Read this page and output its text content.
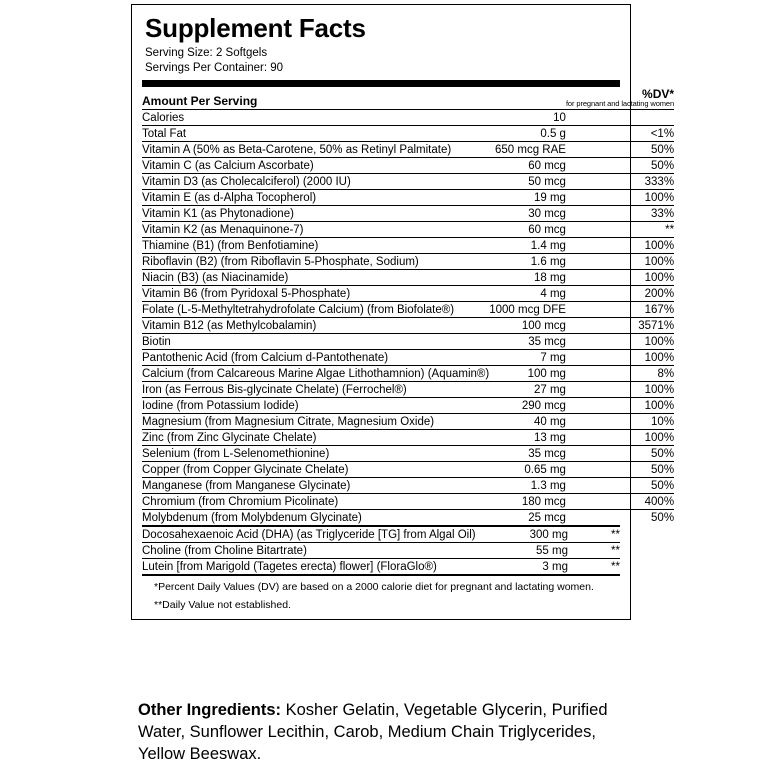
Supplement Facts
Serving Size: 2 Softgels
Servings Per Container: 90
Amount Per Serving		%DV*
for pregnant and lactating women

Calories	10	
Total Fat	0.5 g	<1%
Vitamin A (50% as Beta-Carotene, 50% as Retinyl Palmitate)	650 mcg RAE	50%
Vitamin C (as Calcium Ascorbate)	60 mcg	50%
Vitamin D3 (as Cholecalciferol) (2000 IU)	50 mcg	333%
Vitamin E (as d-Alpha Tocopherol)	19 mg	100%
Vitamin K1 (as Phytonadione)	30 mcg	33%
Vitamin K2 (as Menaquinone-7)	60 mcg	**
Thiamine (B1) (from Benfotiamine)	1.4 mg	100%
Riboflavin (B2) (from Riboflavin 5-Phosphate, Sodium)	1.6 mg	100%
Niacin (B3) (as Niacinamide)	18 mg	100%
Vitamin B6 (from Pyridoxal 5-Phosphate)	4 mg	200%
Folate (L-5-Methyltetrahydrofolate Calcium) (from Biofolate®)	1000 mcg DFE	167%
Vitamin B12 (as Methylcobalamin)	100 mcg	3571%
Biotin	35 mcg	100%
Pantothenic Acid (from Calcium d-Pantothenate)	7 mg	100%
Calcium (from Calcareous Marine Algae Lithothamnion) (Aquamin®)	100 mg	8%
Iron (as Ferrous Bis-glycinate Chelate) (Ferrochel®)	27 mg	100%
Iodine (from Potassium Iodide)	290 mcg	100%
Magnesium (from Magnesium Citrate, Magnesium Oxide)	40 mg	10%
Zinc (from Zinc Glycinate Chelate)	13 mg	100%
Selenium (from L-Selenomethionine)	35 mcg	50%
Copper (from Copper Glycinate Chelate)	0.65 mg	50%
Manganese (from Manganese Glycinate)	1.3 mg	50%
Chromium (from Chromium Picolinate)	180 mcg	400%
Molybdenum (from Molybdenum Glycinate)	25 mcg	50%
Docosahexaenoic Acid (DHA) (as Triglyceride [TG] from Algal Oil)	300 mg	**
Choline (from Choline Bitartrate)	55 mg	**
Lutein [from Marigold (Tagetes erecta) flower] (FloraGlo®)	3 mg	**
*Percent Daily Values (DV) are based on a 2000 calorie diet for pregnant and lactating women.
**Daily Value not established.
Other Ingredients: Kosher Gelatin, Vegetable Glycerin, Purified Water, Sunflower Lecithin, Carob, Medium Chain Triglycerides, Yellow Beeswax.
